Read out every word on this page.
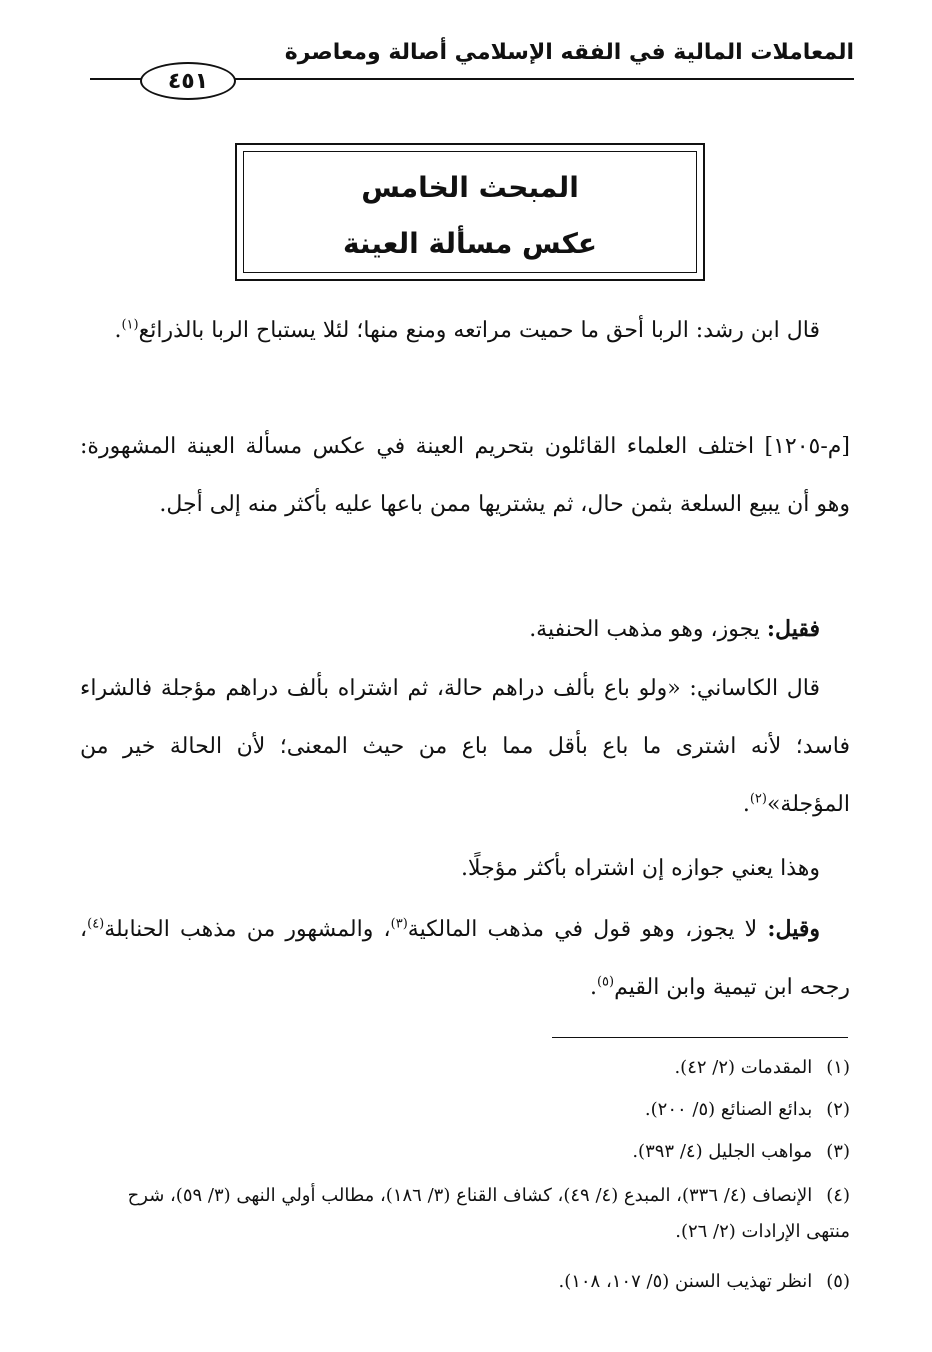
المعاملات المالية في الفقه الإسلامي أصالة ومعاصرة
٤٥١
المبحث الخامس
عكس مسألة العينة
قال ابن رشد: الربا أحق ما حميت مراتعه ومنع منها؛ لئلا يستباح الربا بالذرائع$^{(١)}$.
[م-١٢٠٥] اختلف العلماء القائلون بتحريم العينة في عكس مسألة العينة المشهورة: وهو أن يبيع السلعة بثمن حال، ثم يشتريها ممن باعها عليه بأكثر منه إلى أجل.
فقيل: يجوز، وهو مذهب الحنفية.
قال الكاساني: «ولو باع بألف دراهم حالة، ثم اشتراه بألف دراهم مؤجلة فالشراء فاسد؛ لأنه اشترى ما باع بأقل مما باع من حيث المعنى؛ لأن الحالة خير من المؤجلة»$^{(٢)}$.
وهذا يعني جوازه إن اشتراه بأكثر مؤجلًا.
وقيل: لا يجوز، وهو قول في مذهب المالكية$^{(٣)}$، والمشهور من مذهب الحنابلة$^{(٤)}$، رجحه ابن تيمية وابن القيم$^{(٥)}$.
(١)المقدمات (٢/ ٤٢).
(٢)بدائع الصنائع (٥/ ٢٠٠).
(٣)مواهب الجليل (٤/ ٣٩٣).
(٤)الإنصاف (٤/ ٣٣٦)، المبدع (٤/ ٤٩)، كشاف القناع (٣/ ١٨٦)، مطالب أولي النهى (٣/ ٥٩)، شرح منتهى الإرادات (٢/ ٢٦).
(٥)انظر تهذيب السنن (٥/ ١٠٧، ١٠٨).
